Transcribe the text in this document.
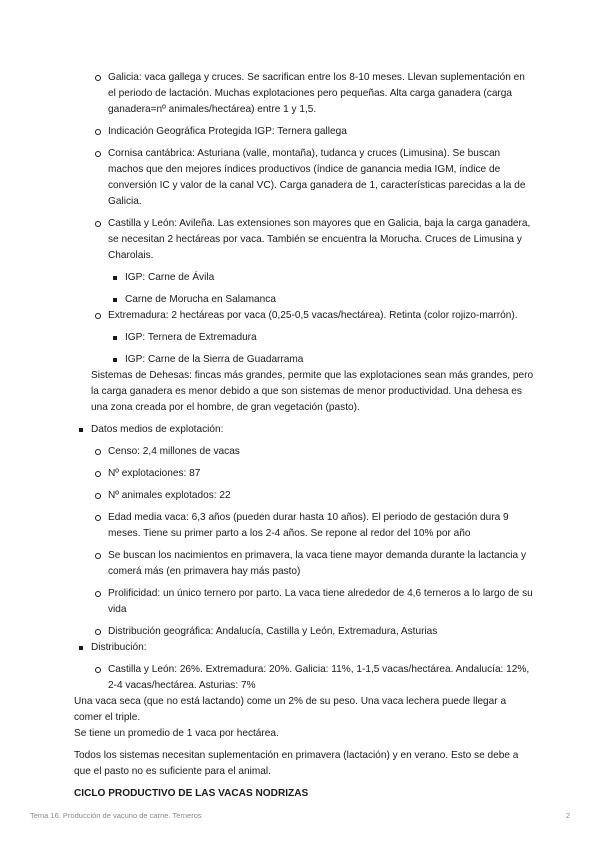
Galicia: vaca gallega y cruces. Se sacrifican entre los 8-10 meses. Llevan suplementación en el periodo de lactación. Muchas explotaciones pero pequeñas. Alta carga ganadera (carga ganadera=nº animales/hectárea) entre 1 y 1,5.
Indicación Geográfica Protegida IGP: Ternera gallega
Cornisa cantábrica: Asturiana (valle, montaña), tudanca y cruces (Limusina). Se buscan machos que den mejores índices productivos (índice de ganancia media IGM, índice de conversión IC y valor de la canal VC). Carga ganadera de 1, características parecidas a la de Galicia.
Castilla y León: Avileña. Las extensiones son mayores que en Galicia, baja la carga ganadera, se necesitan 2 hectáreas por vaca. También se encuentra la Morucha. Cruces de Limusina y Charolais.
IGP: Carne de Ávila
Carne de Morucha en Salamanca
Extremadura: 2 hectáreas por vaca (0,25-0,5 vacas/hectárea). Retinta (color rojizo-marrón).
IGP: Ternera de Extremadura
IGP: Carne de la Sierra de Guadarrama

Sistemas de Dehesas: fincas más grandes, permite que las explotaciones sean más grandes, pero la carga ganadera es menor debido a que son sistemas de menor productividad. Una dehesa es una zona creada por el hombre, de gran vegetación (pasto).

Datos medios de explotación:
Censo: 2,4 millones de vacas
Nº explotaciones: 87
Nº animales explotados: 22
Edad media vaca: 6,3 años (pueden durar hasta 10 años). El periodo de gestación dura 9 meses. Tiene su primer parto a los 2-4 años. Se repone al redor del 10% por año
Se buscan los nacimientos en primavera, la vaca tiene mayor demanda durante la lactancia y comerá más (en primavera hay más pasto)
Prolificidad: un único ternero por parto. La vaca tiene alrededor de 4,6 terneros a lo largo de su vida
Distribución geográfica: Andalucía, Castilla y León, Extremadura, Asturias
Distribución:
Castilla y León: 26%. Extremadura: 20%. Galicia: 11%, 1-1,5 vacas/hectárea. Andalucía: 12%, 2-4 vacas/hectárea. Asturias: 7%

Una vaca seca (que no está lactando) come un 2% de su peso. Una vaca lechera puede llegar a comer el triple.

Se tiene un promedio de 1 vaca por hectárea.

Todos los sistemas necesitan suplementación en primavera (lactación) y en verano. Esto se debe a que el pasto no es suficiente para el animal.

CICLO PRODUCTIVO DE LAS VACAS NODRIZAS

Tema 16. Producción de vacuno de carne. Terneros	2
